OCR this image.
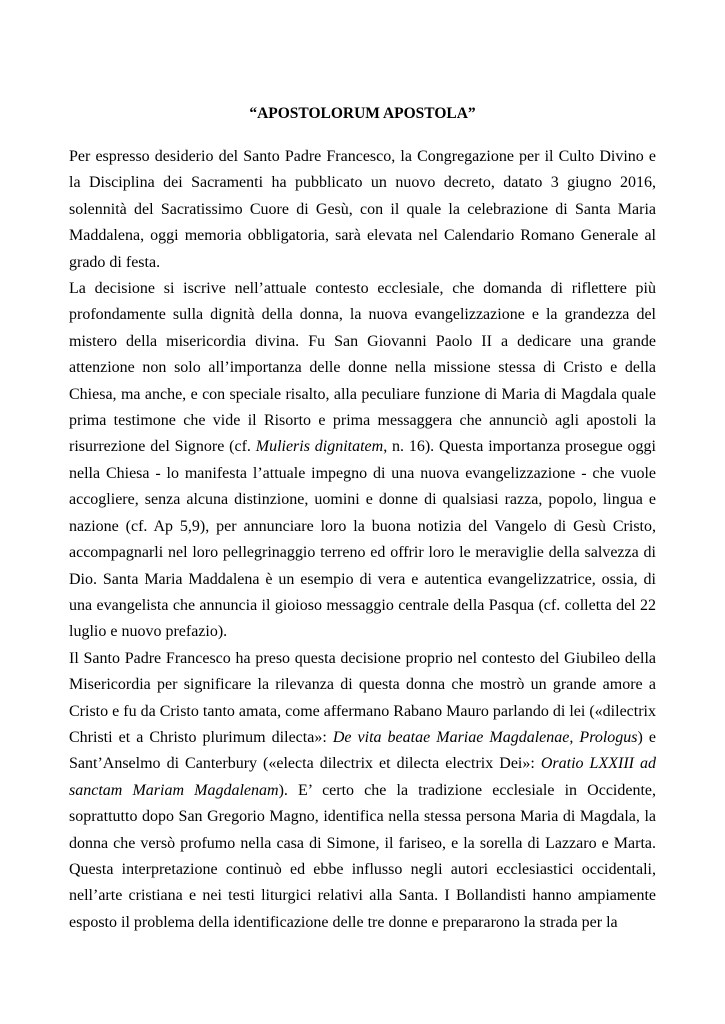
“APOSTOLORUM APOSTOLA”

Per espresso desiderio del Santo Padre Francesco, la Congregazione per il Culto Divino e la Disciplina dei Sacramenti ha pubblicato un nuovo decreto, datato 3 giugno 2016, solennità del Sacratissimo Cuore di Gesù, con il quale la celebrazione di Santa Maria Maddalena, oggi memoria obbligatoria, sarà elevata nel Calendario Romano Generale al grado di festa.

La decisione si iscrive nell’attuale contesto ecclesiale, che domanda di riflettere più profondamente sulla dignità della donna, la nuova evangelizzazione e la grandezza del mistero della misericordia divina. Fu San Giovanni Paolo II a dedicare una grande attenzione non solo all’importanza delle donne nella missione stessa di Cristo e della Chiesa, ma anche, e con speciale risalto, alla peculiare funzione di Maria di Magdala quale prima testimone che vide il Risorto e prima messaggera che annunciò agli apostoli la risurrezione del Signore (cf. Mulieris dignitatem, n. 16). Questa importanza prosegue oggi nella Chiesa - lo manifesta l’attuale impegno di una nuova evangelizzazione - che vuole accogliere, senza alcuna distinzione, uomini e donne di qualsiasi razza, popolo, lingua e nazione (cf. Ap 5,9), per annunciare loro la buona notizia del Vangelo di Gesù Cristo, accompagnarli nel loro pellegrinaggio terreno ed offrir loro le meraviglie della salvezza di Dio. Santa Maria Maddalena è un esempio di vera e autentica evangelizzatrice, ossia, di una evangelista che annuncia il gioioso messaggio centrale della Pasqua (cf. colletta del 22 luglio e nuovo prefazio).

Il Santo Padre Francesco ha preso questa decisione proprio nel contesto del Giubileo della Misericordia per significare la rilevanza di questa donna che mostrò un grande amore a Cristo e fu da Cristo tanto amata, come affermano Rabano Mauro parlando di lei («dilectrix Christi et a Christo plurimum dilecta»: De vita beatae Mariae Magdalenae, Prologus) e Sant’Anselmo di Canterbury («electa dilectrix et dilecta electrix Dei»: Oratio LXXIII ad sanctam Mariam Magdalenam). E’ certo che la tradizione ecclesiale in Occidente, soprattutto dopo San Gregorio Magno, identifica nella stessa persona Maria di Magdala, la donna che versò profumo nella casa di Simone, il fariseo, e la sorella di Lazzaro e Marta. Questa interpretazione continuò ed ebbe influsso negli autori ecclesiastici occidentali, nell’arte cristiana e nei testi liturgici relativi alla Santa. I Bollandisti hanno ampiamente esposto il problema della identificazione delle tre donne e prepararono la strada per la
